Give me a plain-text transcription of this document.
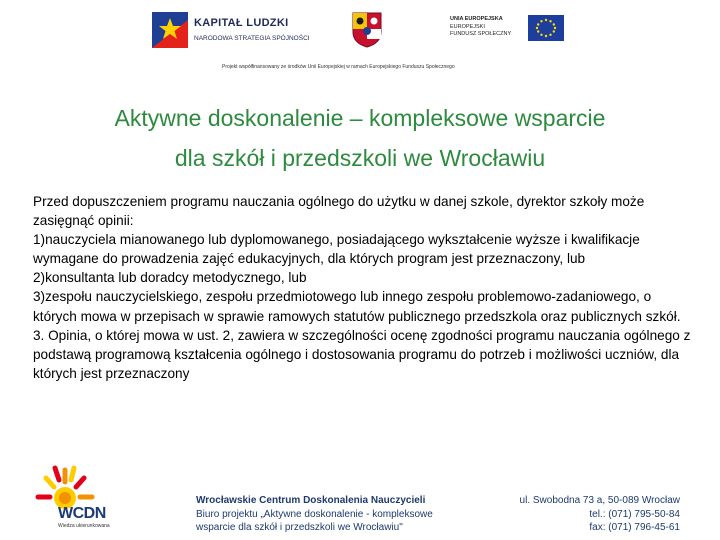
KAPITAŁ LUDZKI
NARODOWA STRATEGIA SPÓJNOŚCI
UNIA EUROPEJSKA
EUROPEJSKI
FUNDUSZ SPOŁECZNY
Projekt współfinansowany ze środków Unii Europejskiej w ramach Europejskiego Funduszu Społecznego
Aktywne doskonalenie – kompleksowe wsparcie
dla szkół i przedszkoli we Wrocławiu

Przed dopuszczeniem programu nauczania ogólnego do użytku w danej szkole, dyrektor szkoły może zasięgnąć opinii:

1)nauczyciela mianowanego lub dyplomowanego, posiadającego wykształcenie wyższe i kwalifikacje wymagane do prowadzenia zajęć edukacyjnych, dla których program jest przeznaczony, lub

2)konsultanta lub doradcy metodycznego, lub

3)zespołu nauczycielskiego, zespołu przedmiotowego lub innego zespołu problemowo-zadaniowego, o których mowa w przepisach w sprawie ramowych statutów publicznego przedszkola oraz publicznych szkół.

3. Opinia, o której mowa w ust. 2, zawiera w szczególności ocenę zgodności programu nauczania ogólnego z podstawą programową kształcenia ogólnego i dostosowania programu do potrzeb i możliwości uczniów, dla których jest przeznaczony

WCDN
Wiedza ukierunkowana
Wrocławskie Centrum Doskonalenia Nauczycieli
Biuro projektu „Aktywne doskonalenie - kompleksowe
wsparcie dla szkół i przedszkoli we Wrocławiu"
ul. Swobodna 73 a, 50-089 Wrocław
tel.: (071) 795-50-84
fax: (071) 796-45-61
